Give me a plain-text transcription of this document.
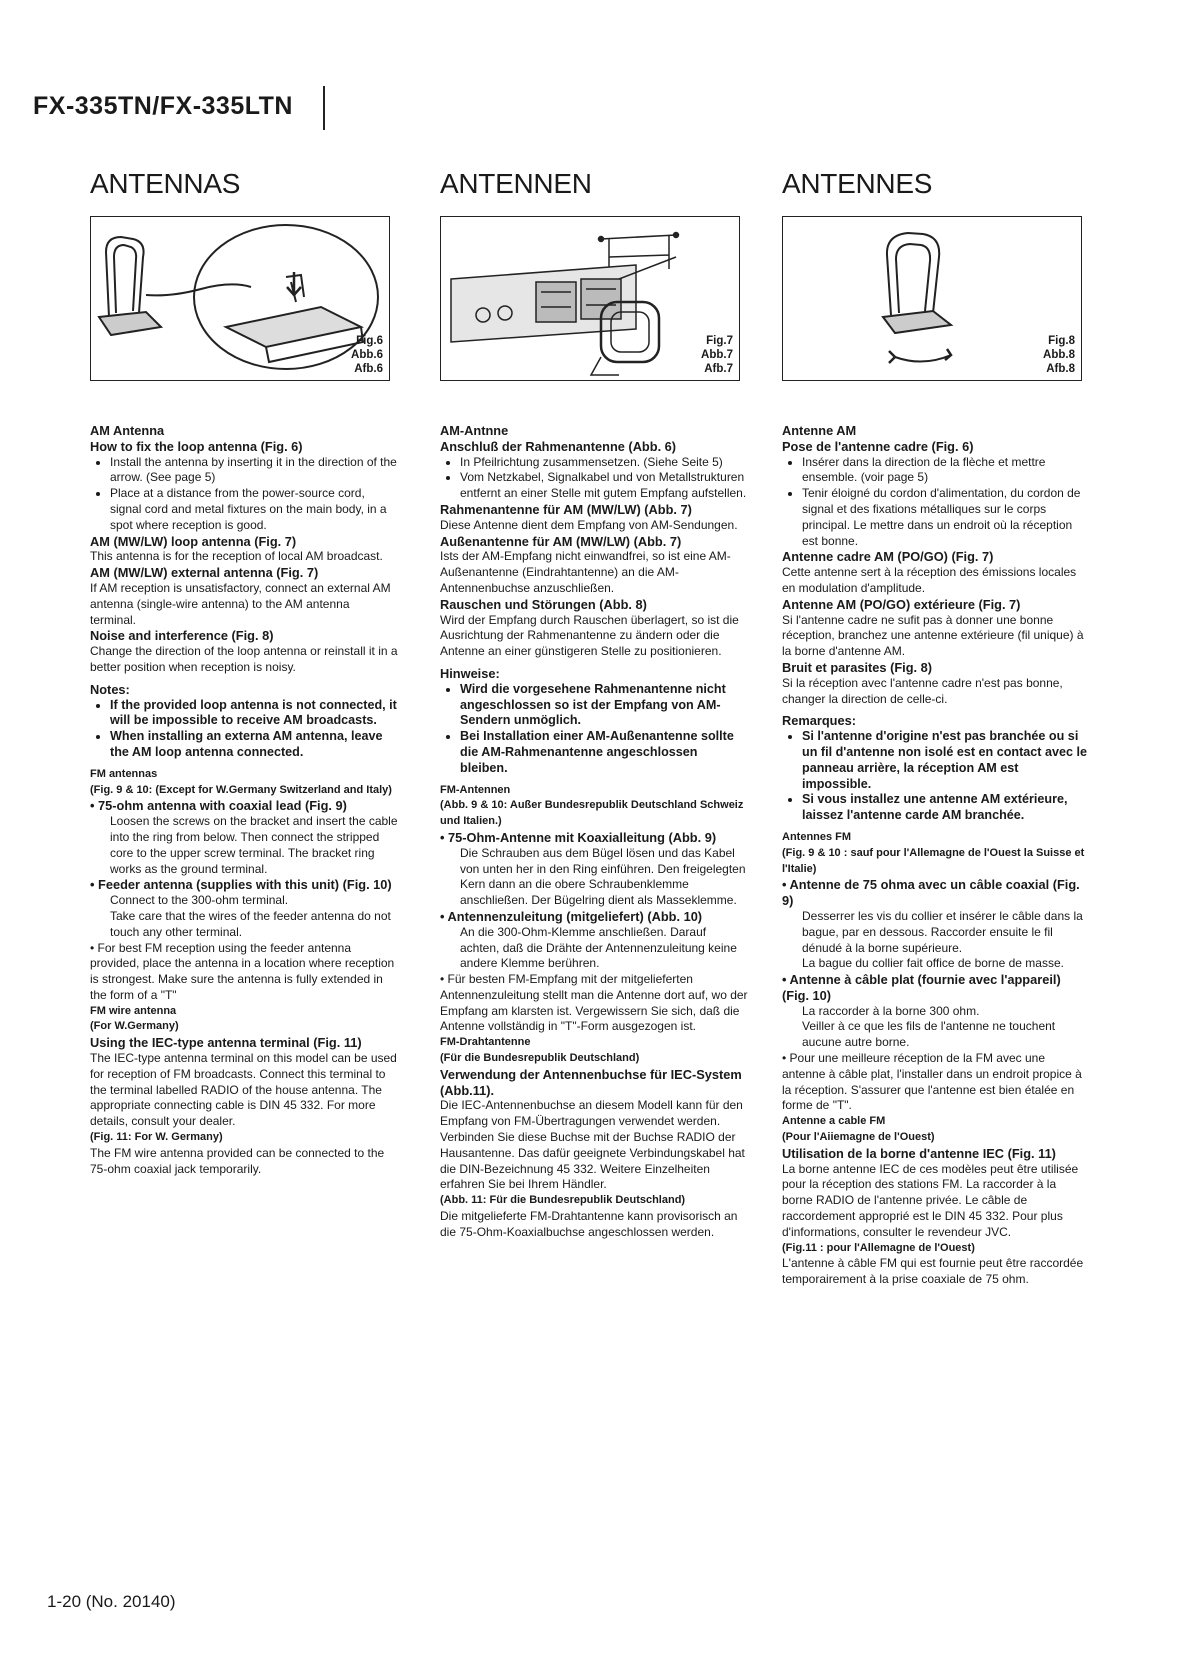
FX-335TN/FX-335LTN
ANTENNAS
Fig.6
Abb.6
Afb.6

AM Antenna

How to fix the loop antenna (Fig. 6)

• Install the antenna by inserting it in the direction of the arrow. (See page 5)
• Place at a distance from the power-source cord, signal cord and metal fixtures on the main body, in a spot where reception is good.

AM (MW/LW) loop antenna (Fig. 7)

This antenna is for the reception of local AM broadcast.

AM (MW/LW) external antenna (Fig. 7)

If AM reception is unsatisfactory, connect an external AM antenna (single-wire antenna) to the AM antenna terminal.

Noise and interference (Fig. 8)

Change the direction of the loop antenna or reinstall it in a better position when reception is noisy.

Notes:

• If the provided loop antenna is not connected, it will be impossible to receive AM broadcasts.
• When installing an externa AM antenna, leave the AM loop antenna connected.

FM antennas

(Fig. 9 & 10: (Except for W.Germany Switzerland and Italy)

• 75-ohm antenna with coaxial lead (Fig. 9)

Loosen the screws on the bracket and insert the cable into the ring from below. Then connect the stripped core to the upper screw terminal. The bracket ring works as the ground terminal.

• Feeder antenna (supplies with this unit) (Fig. 10)

Connect to the 300-ohm terminal.

Take care that the wires of the feeder antenna do not touch any other terminal.

• For best FM reception using the feeder antenna provided, place the antenna in a location where reception is strongest. Make sure the antenna is fully extended in the form of a "T"

FM wire antenna

(For W.Germany)

Using the IEC-type antenna terminal (Fig. 11)

The IEC-type antenna terminal on this model can be used for reception of FM broadcasts. Connect this terminal to the terminal labelled RADIO of the house antenna. The appropriate connecting cable is DIN 45 332. For more details, consult your dealer.

(Fig. 11: For W. Germany)

The FM wire antenna provided can be connected to the 75-ohm coaxial jack temporarily.

ANTENNEN
Fig.7
Abb.7
Afb.7

AM-Antnne

Anschluß der Rahmenantenne (Abb. 6)

• In Pfeilrichtung zusammensetzen. (Siehe Seite 5)
• Vom Netzkabel, Signalkabel und von Metallstrukturen entfernt an einer Stelle mit gutem Empfang aufstellen.

Rahmenantenne für AM (MW/LW) (Abb. 7)

Diese Antenne dient dem Empfang von AM-Sendungen.

Außenantenne für AM (MW/LW) (Abb. 7)

Ists der AM-Empfang nicht einwandfrei, so ist eine AM-Außenantenne (Eindrahtantenne) an die AM-Antennenbuchse anzuschließen.

Rauschen und Störungen (Abb. 8)

Wird der Empfang durch Rauschen überlagert, so ist die Ausrichtung der Rahmenantenne zu ändern oder die Antenne an einer günstigeren Stelle zu positionieren.

Hinweise:

• Wird die vorgesehene Rahmenantenne nicht angeschlossen so ist der Empfang von AM-Sendern unmöglich.
• Bei Installation einer AM-Außenantenne sollte die AM-Rahmenantenne angeschlossen bleiben.

FM-Antennen

(Abb. 9 & 10: Außer Bundesrepublik Deutschland Schweiz und Italien.)

• 75-Ohm-Antenne mit Koaxialleitung (Abb. 9)

Die Schrauben aus dem Bügel lösen und das Kabel von unten her in den Ring einführen. Den freigelegten Kern dann an die obere Schraubenklemme anschließen. Der Bügelring dient als Masseklemme.

• Antennenzuleitung (mitgeliefert) (Abb. 10)

An die 300-Ohm-Klemme anschließen. Darauf achten, daß die Drähte der Antennenzuleitung keine andere Klemme berühren.

• Für besten FM-Empfang mit der mitgelieferten Antennenzuleitung stellt man die Antenne dort auf, wo der Empfang am klarsten ist. Vergewissern Sie sich, daß die Antenne vollständig in "T"-Form ausgezogen ist.

FM-Drahtantenne

(Für die Bundesrepublik Deutschland)

Verwendung der Antennenbuchse für IEC-System (Abb.11).

Die IEC-Antennenbuchse an diesem Modell kann für den Empfang von FM-Übertragungen verwendet werden. Verbinden Sie diese Buchse mit der Buchse RADIO der Hausantenne. Das dafür geeignete Verbindungskabel hat die DIN-Bezeichnung 45 332. Weitere Einzelheiten erfahren Sie bei Ihrem Händler.

(Abb. 11: Für die Bundesrepublik Deutschland)

Die mitgelieferte FM-Drahtantenne kann provisorisch an die 75-Ohm-Koaxialbuchse angeschlossen werden.

ANTENNES
Fig.8
Abb.8
Afb.8

Antenne AM

Pose de l'antenne cadre (Fig. 6)

• Insérer dans la direction de la flèche et mettre ensemble. (voir page 5)
• Tenir éloigné du cordon d'alimentation, du cordon de signal et des fixations métalliques sur le corps principal. Le mettre dans un endroit où la réception est bonne.

Antenne cadre AM (PO/GO) (Fig. 7)

Cette antenne sert à la réception des émissions locales en modulation d'amplitude.

Antenne AM (PO/GO) extérieure (Fig. 7)

Si l'antenne cadre ne sufit pas à donner une bonne réception, branchez une antenne extérieure (fil unique) à la borne d'antenne AM.

Bruit et parasites (Fig. 8)

Si la réception avec l'antenne cadre n'est pas bonne, changer la direction de celle-ci.

Remarques:

• Si l'antenne d'origine n'est pas branchée ou si un fil d'antenne non isolé est en contact avec le panneau arrière, la réception AM est impossible.
• Si vous installez une antenne AM extérieure, laissez l'antenne carde AM branchée.

Antennes FM

(Fig. 9 & 10 : sauf pour l'Allemagne de l'Ouest la Suisse et l'Italie)

• Antenne de 75 ohma avec un câble coaxial (Fig. 9)

Desserrer les vis du collier et insérer le câble dans la bague, par en dessous. Raccorder ensuite le fil dénudé à la borne supérieure.

La bague du collier fait office de borne de masse.

• Antenne à câble plat (fournie avec l'appareil) (Fig. 10)

La raccorder à la borne 300 ohm.

Veiller à ce que les fils de l'antenne ne touchent aucune autre borne.

• Pour une meilleure réception de la FM avec une antenne à câble plat, l'installer dans un endroit propice à la réception. S'assurer que l'antenne est bien étalée en forme de "T".

Antenne a cable FM

(Pour l'Aiiemagne de l'Ouest)

Utilisation de la borne d'antenne IEC (Fig. 11)

La borne antenne IEC de ces modèles peut être utilisée pour la réception des stations FM. La raccorder à la borne RADIO de l'antenne privée. Le câble de raccordement approprié est le DIN 45 332. Pour plus d'informations, consulter le revendeur JVC.

(Fig.11 : pour l'Allemagne de l'Ouest)

L'antenne à câble FM qui est fournie peut être raccordée temporairement à la prise coaxiale de 75 ohm.

1-20 (No. 20140)
